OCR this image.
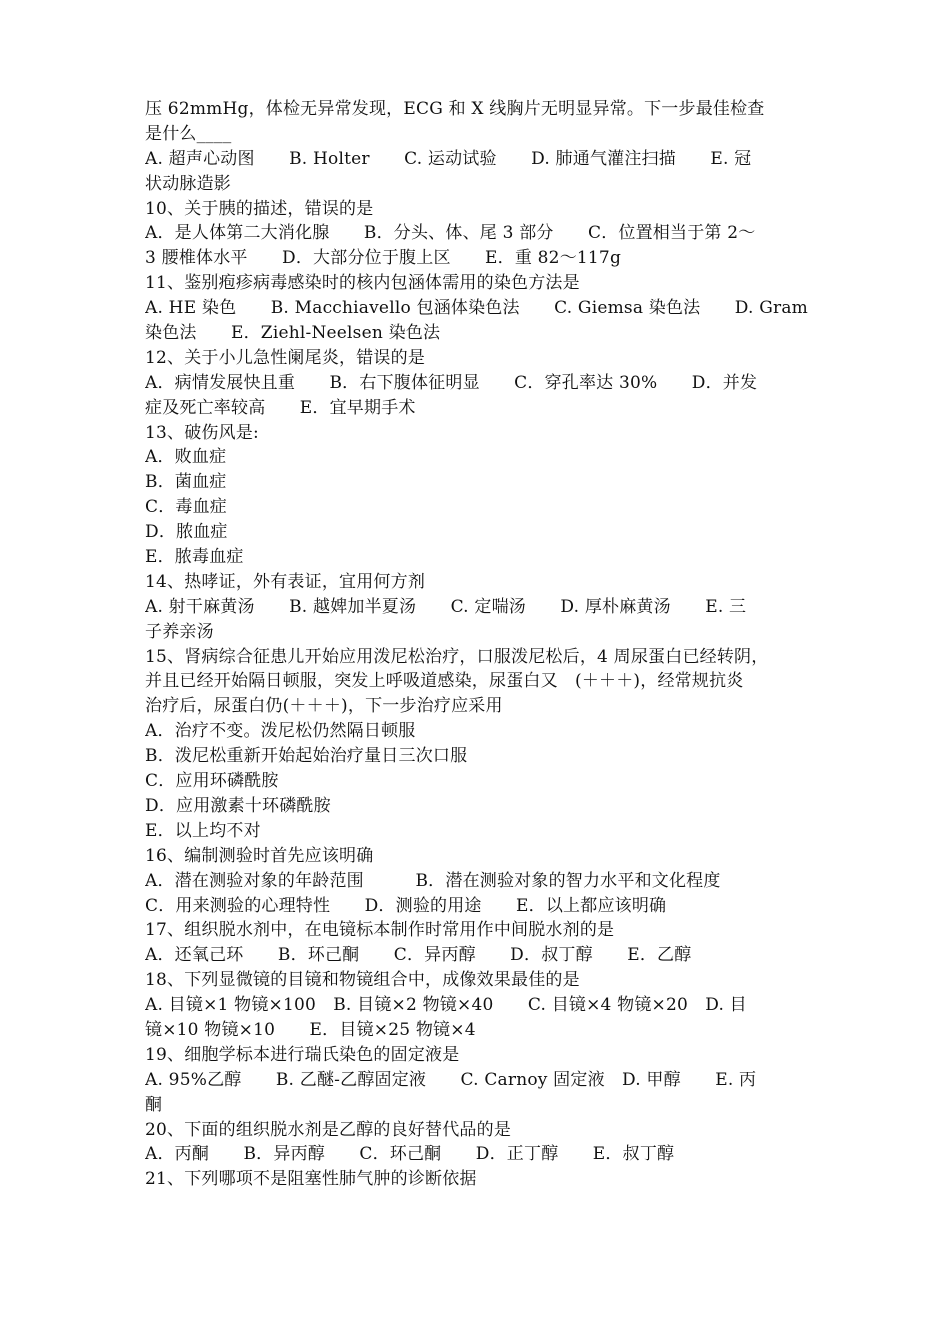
压 62mmHg，体检无异常发现，ECG 和 X 线胸片无明显异常。下一步最佳检查
是什么____
A. 超声心动图　　B. Holter　　C. 运动试验　　D. 肺通气灌注扫描　　E. 冠
状动脉造影
10、关于胰的描述，错误的是
A．是人体第二大消化腺　　B．分头、体、尾 3 部分　　C．位置相当于第 2～
3 腰椎体水平　　D．大部分位于腹上区　　E．重 82～117g
11、鉴别疱疹病毒感染时的核内包涵体需用的染色方法是
A. HE 染色　　B. Macchiavello 包涵体染色法　　C. Giemsa 染色法　　D. Gram
染色法　　E．Ziehl-Neelsen 染色法
12、关于小儿急性阑尾炎，错误的是
A．病情发展快且重　　B．右下腹体征明显　　C．穿孔率达 30%　　D．并发
症及死亡率较高　　E．宜早期手术
13、破伤风是:
A．败血症
B．菌血症
C．毒血症
D．脓血症
E．脓毒血症
14、热哮证，外有表证，宜用何方剂
A. 射干麻黄汤　　B. 越婢加半夏汤　　C. 定喘汤　　D. 厚朴麻黄汤　　E. 三
子养亲汤
15、肾病综合征患儿开始应用泼尼松治疗，口服泼尼松后，4 周尿蛋白已经转阴，
并且已经开始隔日顿服，突发上呼吸道感染，尿蛋白又　(＋＋＋)，经常规抗炎
治疗后，尿蛋白仍(＋＋＋)，下一步治疗应采用
A．治疗不变。泼尼松仍然隔日顿服
B．泼尼松重新开始起始治疗量日三次口服
C．应用环磷酰胺
D．应用激素十环磷酰胺
E．以上均不对
16、编制测验时首先应该明确
A．潜在测验对象的年龄范围　　　B．潜在测验对象的智力水平和文化程度
C．用来测验的心理特性　　D．测验的用途　　E．以上都应该明确
17、组织脱水剂中，在电镜标本制作时常用作中间脱水剂的是
A．还氧己环　　B．环己酮　　C．异丙醇　　D．叔丁醇　　E．乙醇
18、下列显微镜的目镜和物镜组合中，成像效果最佳的是
A. 目镜×1 物镜×100　B. 目镜×2 物镜×40　　C. 目镜×4 物镜×20　D. 目
镜×10 物镜×10　　E．目镜×25 物镜×4
19、细胞学标本进行瑞氏染色的固定液是
A. 95%乙醇　　B. 乙醚-乙醇固定液　　C. Carnoy 固定液　D. 甲醇　　E. 丙
酮
20、下面的组织脱水剂是乙醇的良好替代品的是
A．丙酮　　B．异丙醇　　C．环己酮　　D．正丁醇　　E．叔丁醇
21、下列哪项不是阻塞性肺气肿的诊断依据
